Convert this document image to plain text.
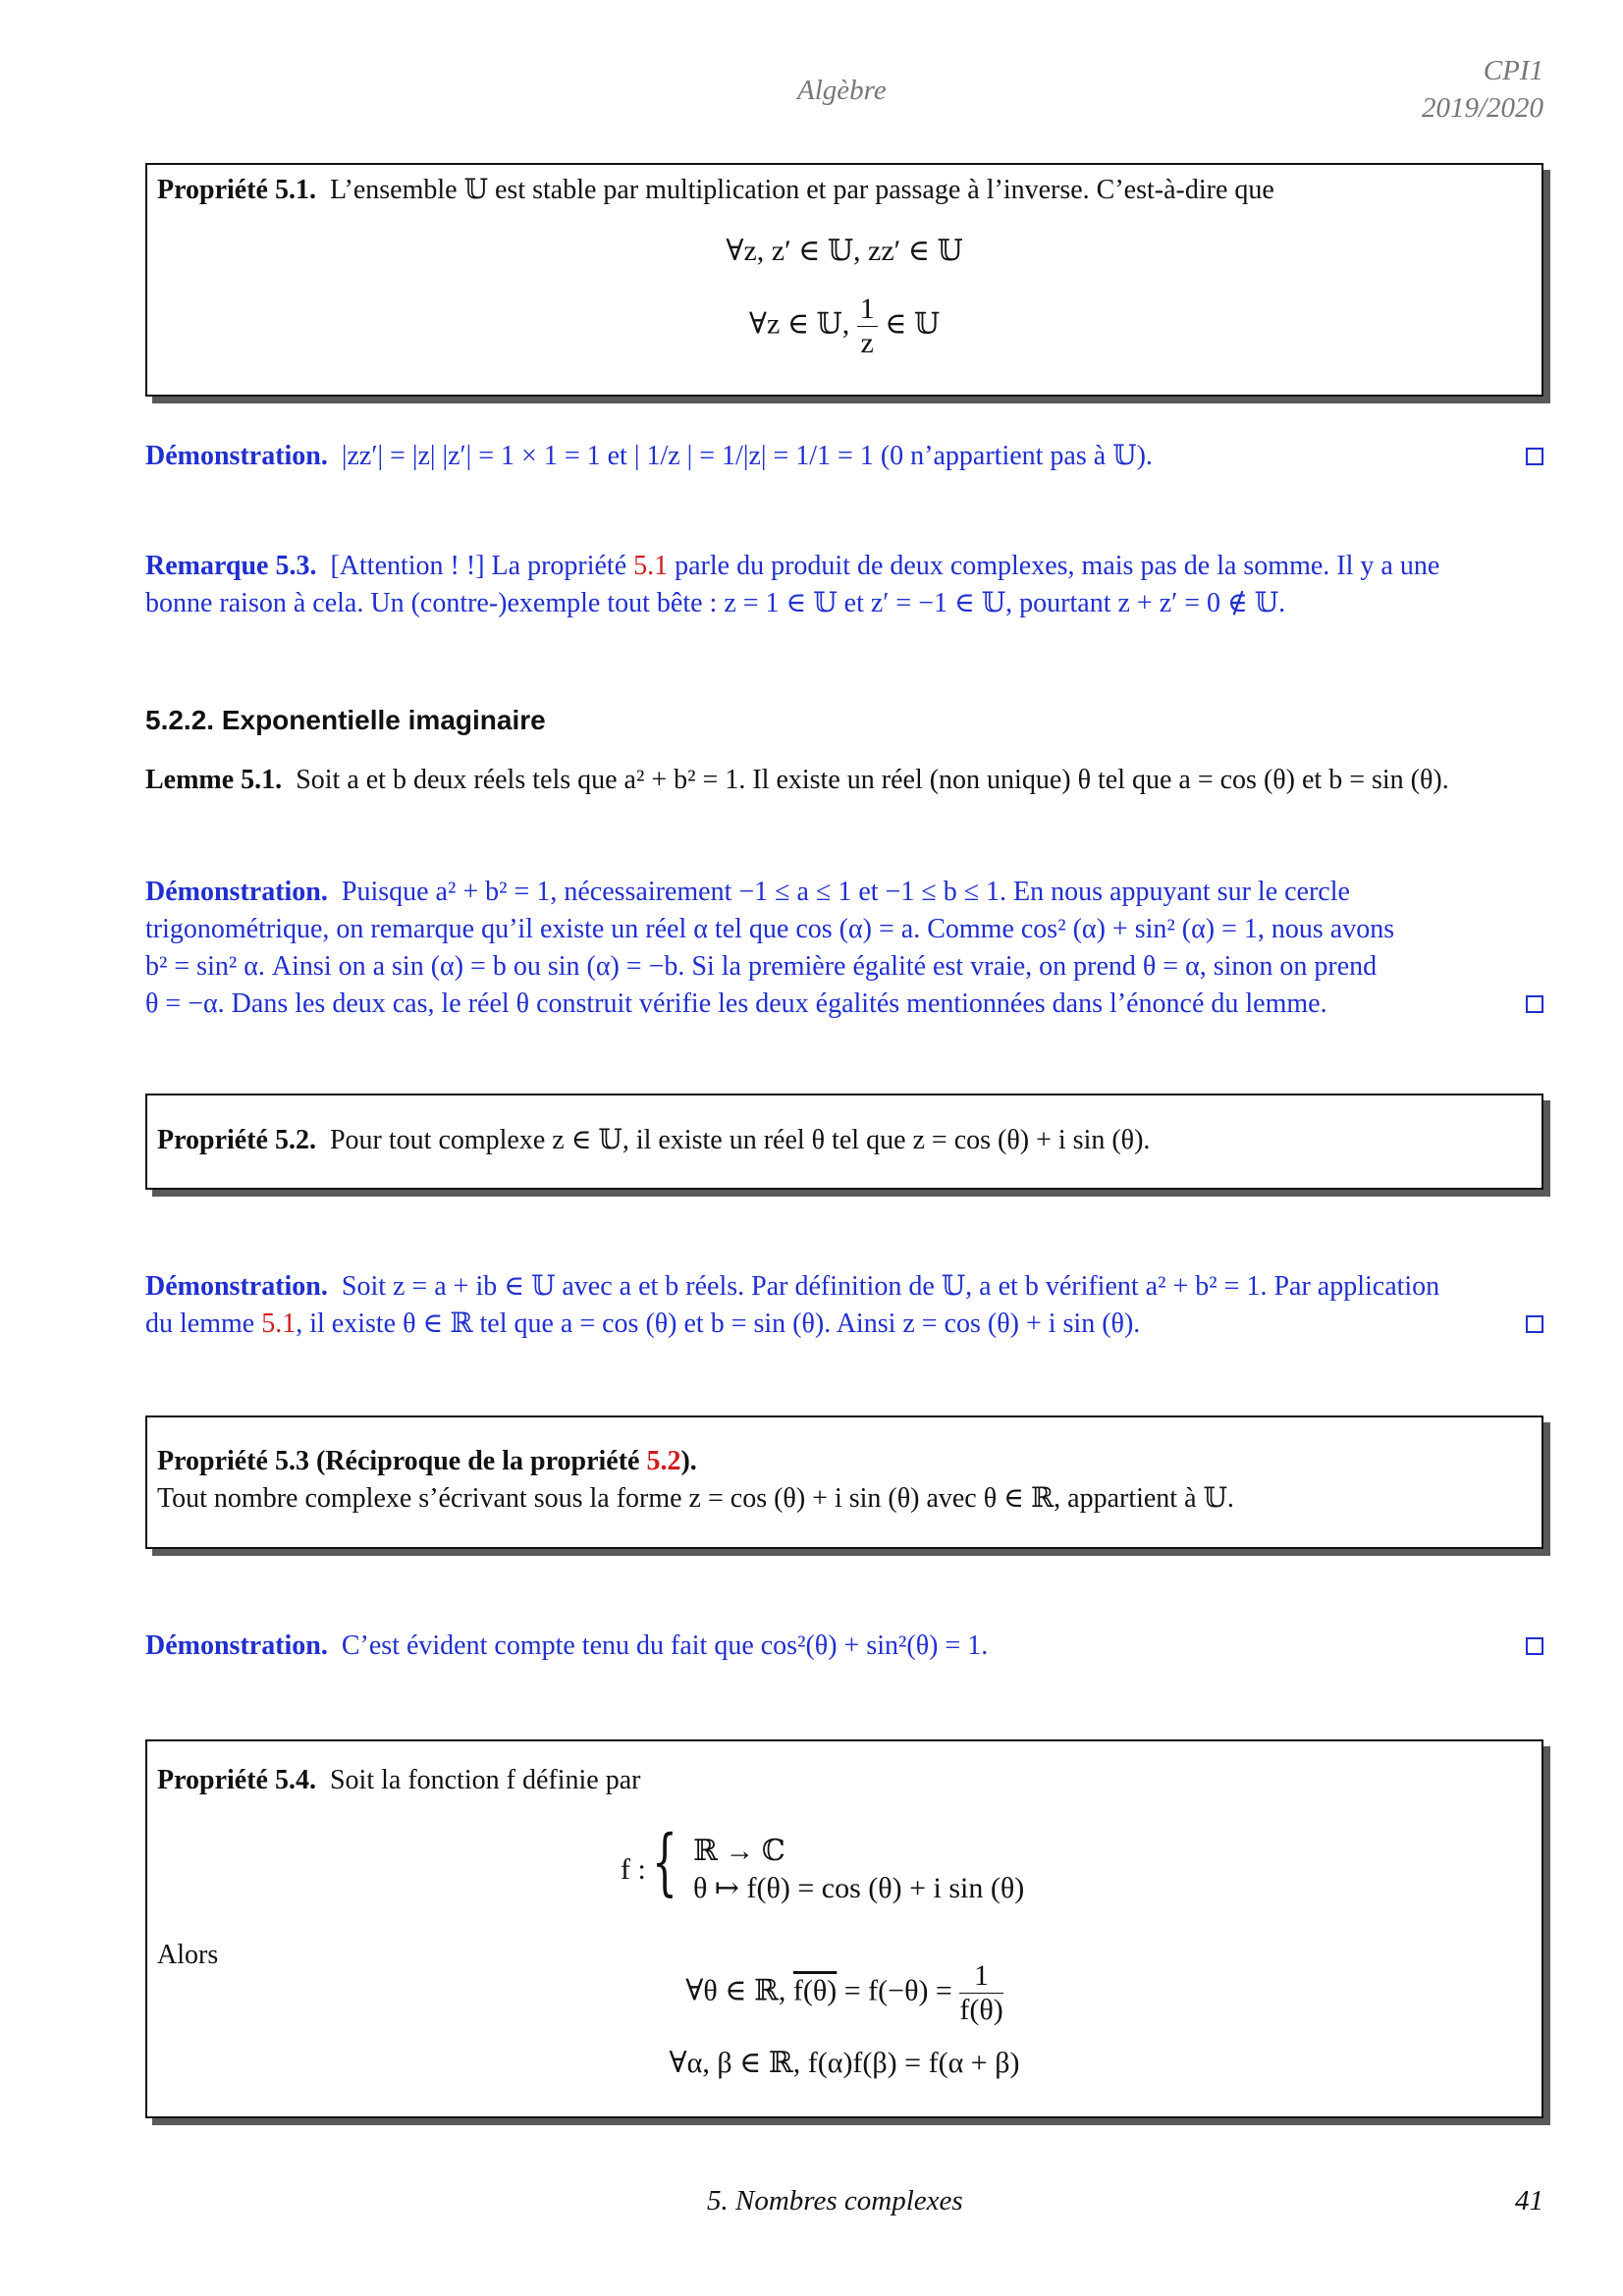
Algèbre
CPI1
2019/2020
Propriété 5.1. L’ensemble 𝕌 est stable par multiplication et par passage à l’inverse. C’est-à-dire que
∀z, z′ ∈ 𝕌, zz′ ∈ 𝕌
∀z ∈ 𝕌, $\frac{1}{z}$ ∈ 𝕌
Démonstration. |zz′| = |z| |z′| = 1 × 1 = 1 et | 1/z | = 1/|z| = 1/1 = 1 (0 n’appartient pas à 𝕌).
Remarque 5.3. [Attention ! !] La propriété 5.1 parle du produit de deux complexes, mais pas de la somme. Il y a une
bonne raison à cela. Un (contre-)exemple tout bête : z = 1 ∈ 𝕌 et z′ = −1 ∈ 𝕌, pourtant z + z′ = 0 ∉ 𝕌.
5.2.2. Exponentielle imaginaire
Lemme 5.1. Soit a et b deux réels tels que a² + b² = 1. Il existe un réel (non unique) θ tel que a = cos (θ) et b = sin (θ).
Démonstration. Puisque a² + b² = 1, nécessairement −1 ≤ a ≤ 1 et −1 ≤ b ≤ 1. En nous appuyant sur le cercle
trigonométrique, on remarque qu’il existe un réel α tel que cos (α) = a. Comme cos² (α) + sin² (α) = 1, nous avons
b² = sin² α. Ainsi on a sin (α) = b ou sin (α) = −b. Si la première égalité est vraie, on prend θ = α, sinon on prend
θ = −α. Dans les deux cas, le réel θ construit vérifie les deux égalités mentionnées dans l’énoncé du lemme.
Propriété 5.2. Pour tout complexe z ∈ 𝕌, il existe un réel θ tel que z = cos (θ) + i sin (θ).
Démonstration. Soit z = a + ib ∈ 𝕌 avec a et b réels. Par définition de 𝕌, a et b vérifient a² + b² = 1. Par application
du lemme 5.1, il existe θ ∈ ℝ tel que a = cos (θ) et b = sin (θ). Ainsi z = cos (θ) + i sin (θ).
Propriété 5.3 (Réciproque de la propriété 5.2).
Tout nombre complexe s’écrivant sous la forme z = cos (θ) + i sin (θ) avec θ ∈ ℝ, appartient à 𝕌.
Démonstration. C’est évident compte tenu du fait que cos²(θ) + sin²(θ) = 1.
Propriété 5.4. Soit la fonction f définie par
f : { ℝ → ℂ
θ ↦ f(θ) = cos (θ) + i sin (θ)
Alors
∀θ ∈ ℝ, $f(\theta) = f(-\theta) = \frac{1}{f(\theta)}$
∀α, β ∈ ℝ, f(α)f(β) = f(α + β)
5. Nombres complexes	41
